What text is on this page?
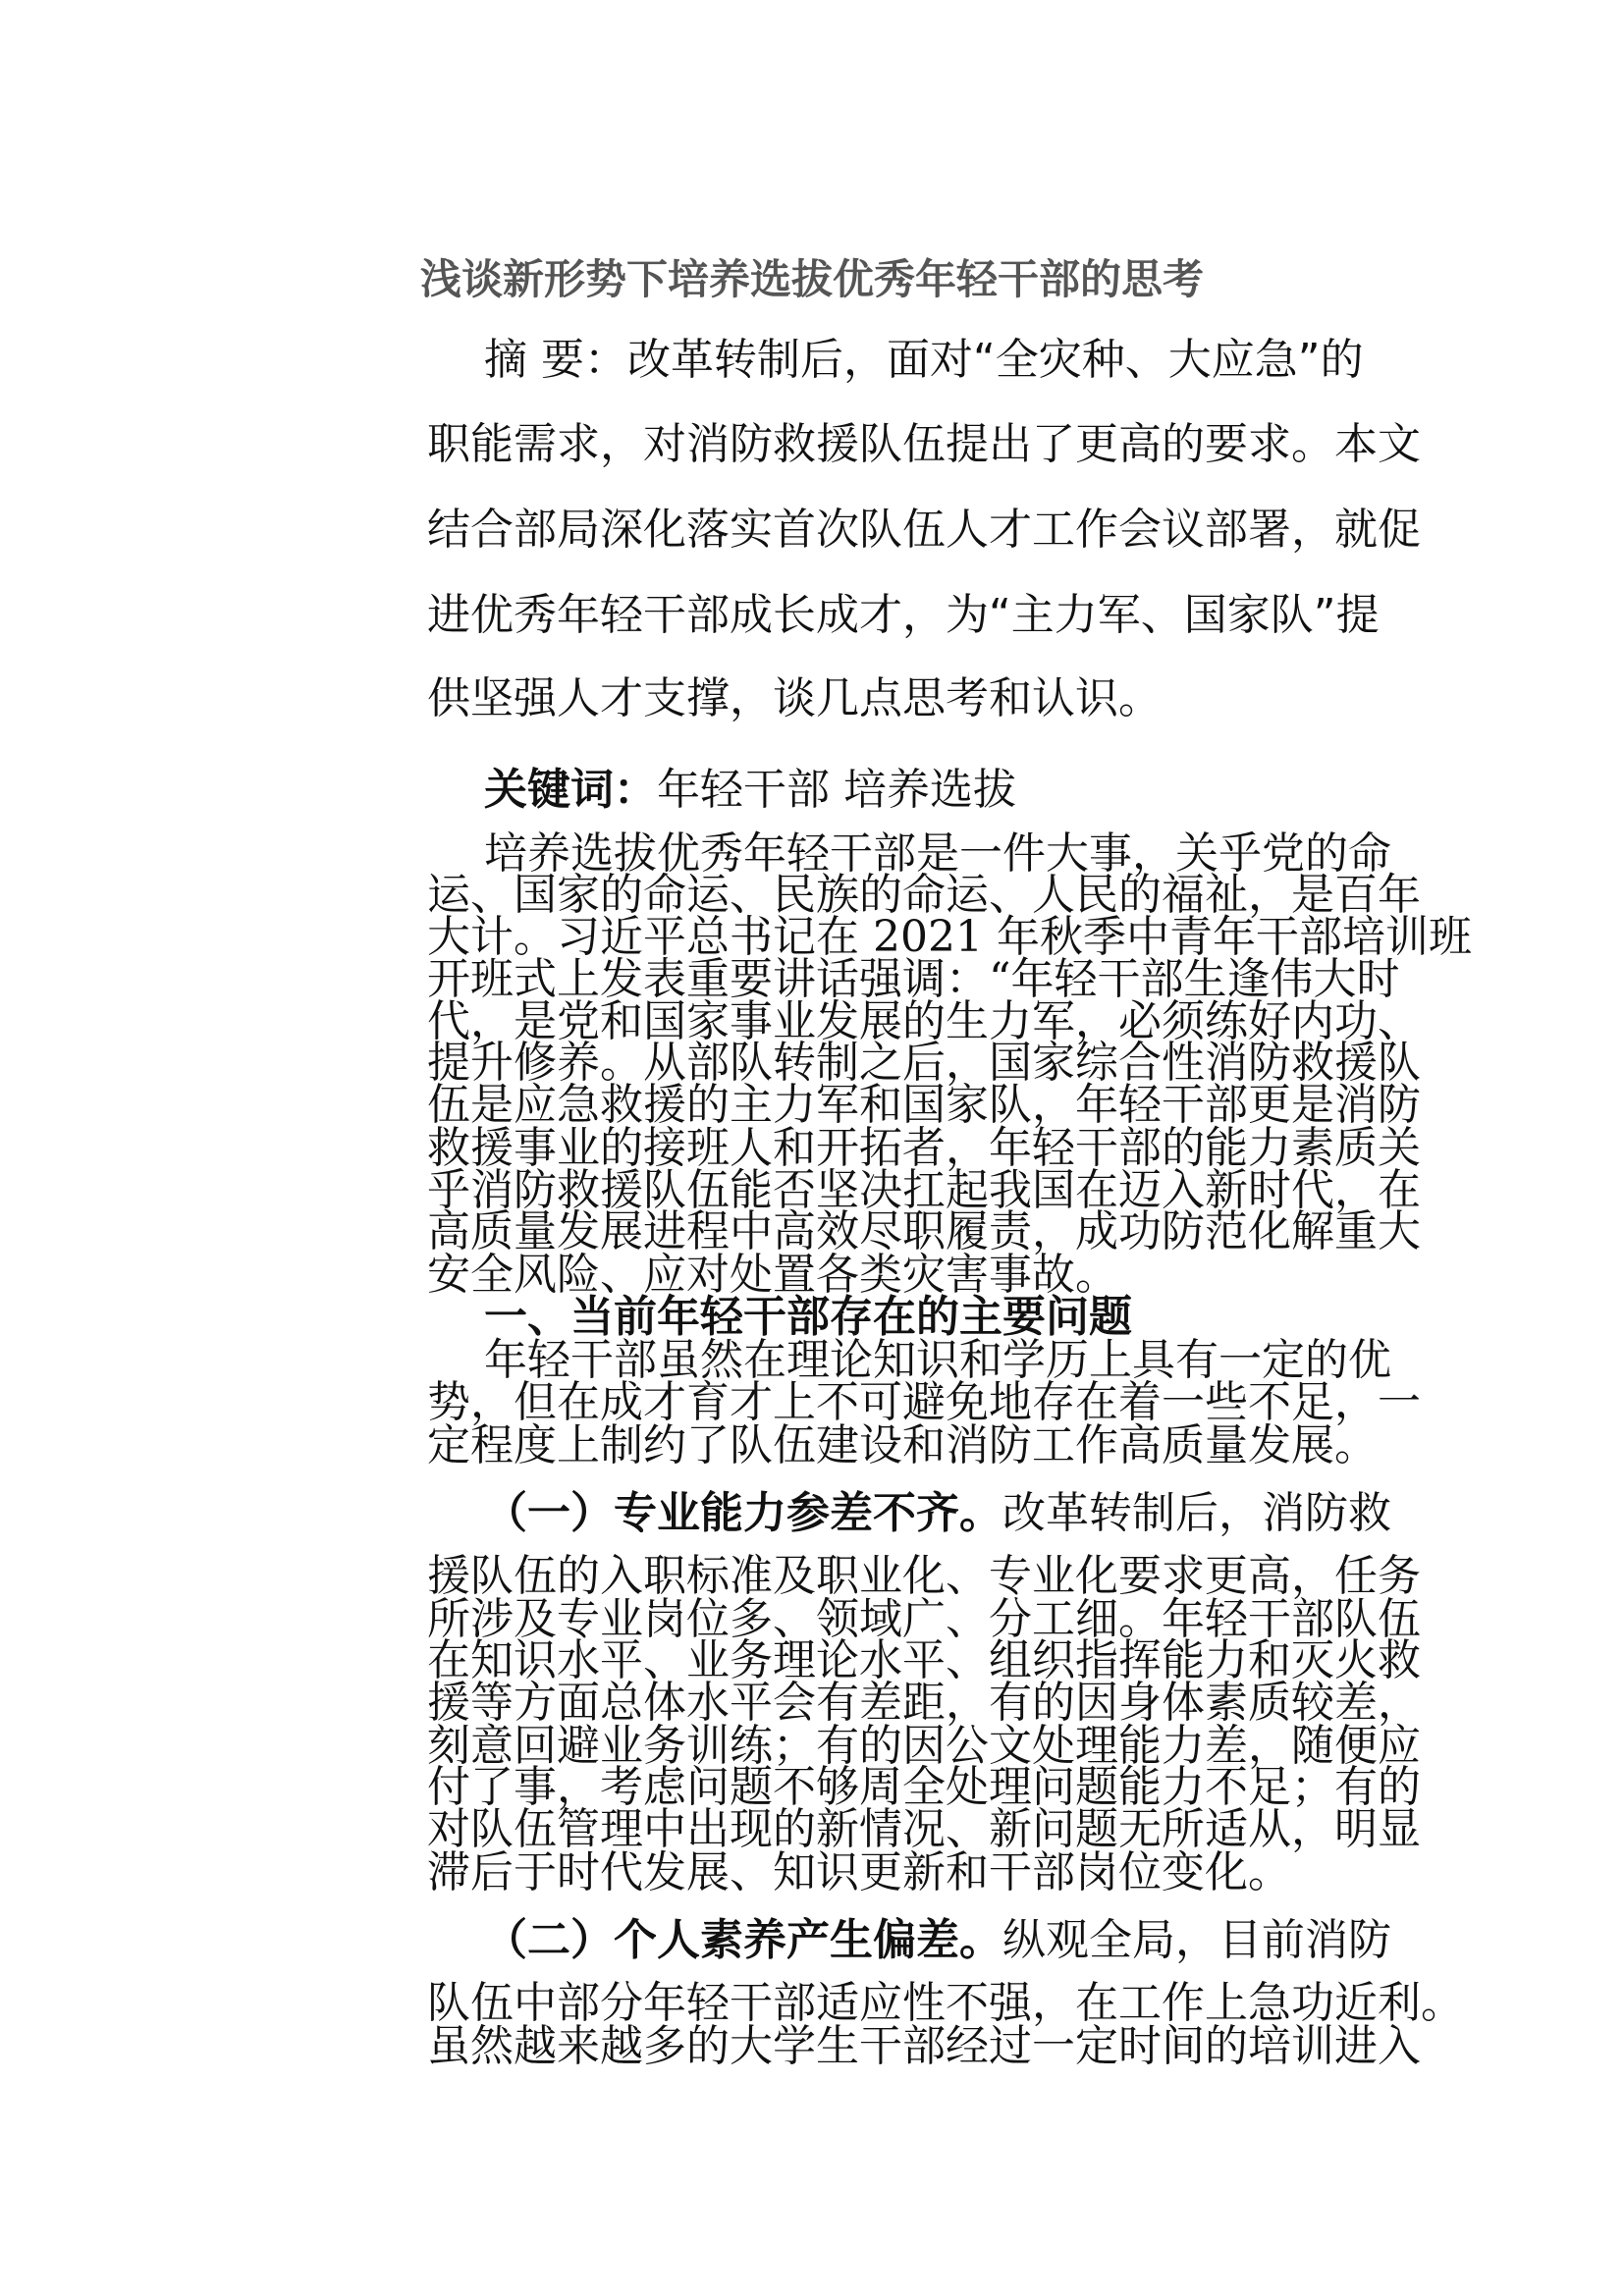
浅谈新形势下培养选拔优秀年轻干部的思考
摘 要：改革转制后，面对“全灾种、大应急”的
职能需求，对消防救援队伍提出了更高的要求。本文
结合部局深化落实首次队伍人才工作会议部署，就促
进优秀年轻干部成长成才，为“主力军、国家队”提
供坚强人才支撑，谈几点思考和认识。
关键词：年轻干部 培养选拔
培养选拔优秀年轻干部是一件大事，关乎党的命
运、国家的命运、民族的命运、人民的福祉，是百年
大计。习近平总书记在 2021 年秋季中青年干部培训班
开班式上发表重要讲话强调：“年轻干部生逢伟大时
代，是党和国家事业发展的生力军，必须练好内功、
提升修养。从部队转制之后，国家综合性消防救援队
伍是应急救援的主力军和国家队，年轻干部更是消防
救援事业的接班人和开拓者，年轻干部的能力素质关
乎消防救援队伍能否坚决扛起我国在迈入新时代，在
高质量发展进程中高效尽职履责，成功防范化解重大
安全风险、应对处置各类灾害事故。
一、当前年轻干部存在的主要问题
年轻干部虽然在理论知识和学历上具有一定的优
势，但在成才育才上不可避免地存在着一些不足，一
定程度上制约了队伍建设和消防工作高质量发展。
（一）专业能力参差不齐。改革转制后，消防救
援队伍的入职标准及职业化、专业化要求更高，任务
所涉及专业岗位多、领域广、分工细。年轻干部队伍
在知识水平、业务理论水平、组织指挥能力和灭火救
援等方面总体水平会有差距，有的因身体素质较差，
刻意回避业务训练；有的因公文处理能力差，随便应
付了事，考虑问题不够周全处理问题能力不足；有的
对队伍管理中出现的新情况、新问题无所适从，明显
滞后于时代发展、知识更新和干部岗位变化。
（二）个人素养产生偏差。纵观全局，目前消防
队伍中部分年轻干部适应性不强，在工作上急功近利。
虽然越来越多的大学生干部经过一定时间的培训进入
